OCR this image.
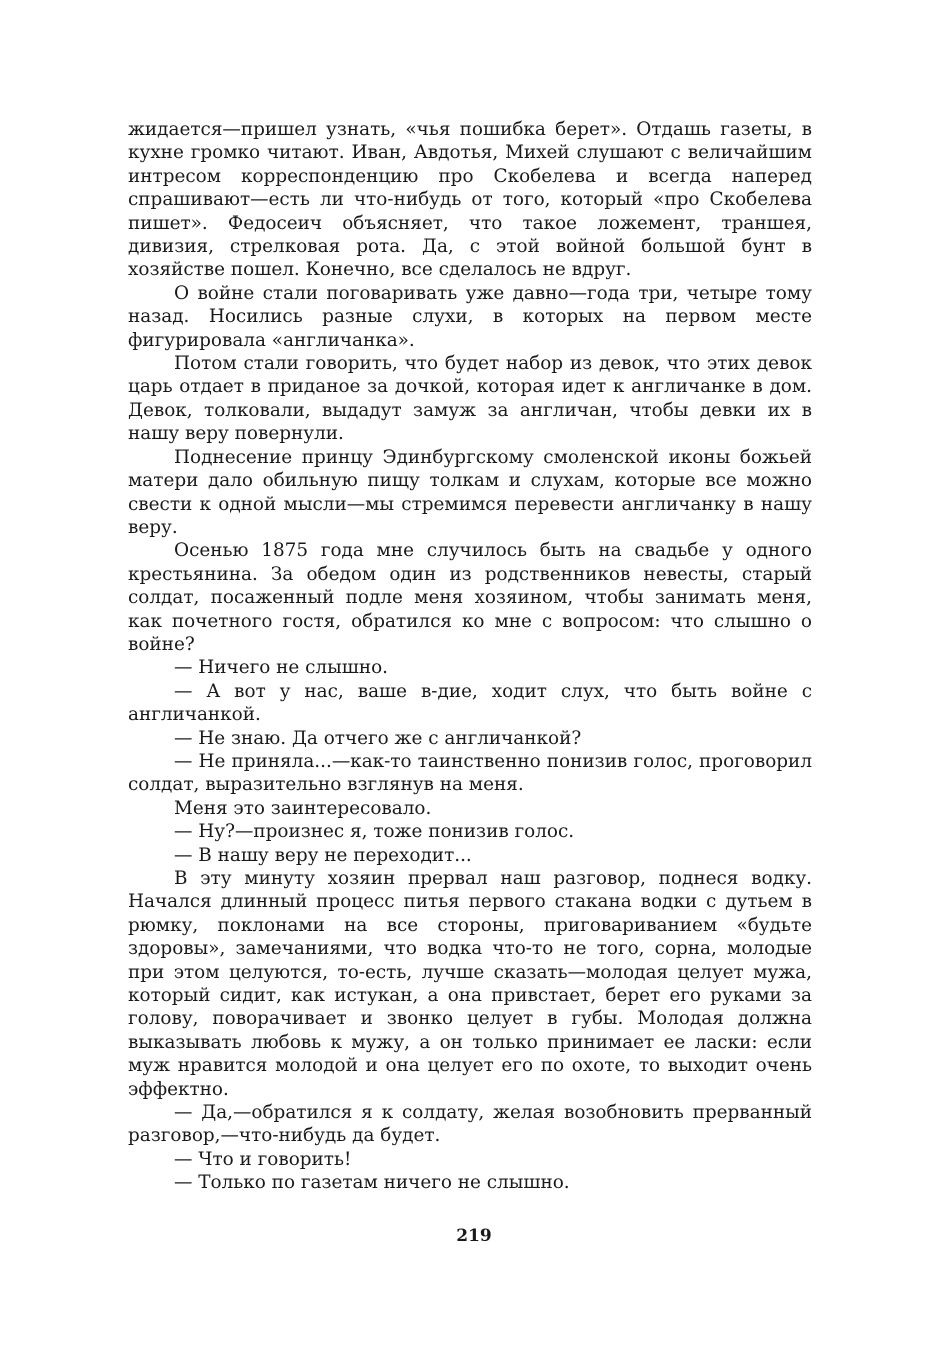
жидается—пришел узнать, «чья пошибка берет». Отдашь газеты, в кухне громко читают. Иван, Авдотья, Михей слушают с величайшим интресом корреспонденцию про Скобелева и всегда наперед спрашивают—есть ли что-нибудь от того, который «про Скобелева пишет». Федосеич объясняет, что такое ложемент, траншея, дивизия, стрелковая рота. Да, с этой войной большой бунт в хозяйстве пошел. Конечно, все сделалось не вдруг.

О войне стали поговаривать уже давно—года три, четыре тому назад. Носились разные слухи, в которых на первом месте фигурировала «англичанка».

Потом стали говорить, что будет набор из девок, что этих девок царь отдает в приданое за дочкой, которая идет к англичанке в дом. Девок, толковали, выдадут замуж за англичан, чтобы девки их в нашу веру повернули.

Поднесение принцу Эдинбургскому смоленской иконы божьей матери дало обильную пищу толкам и слухам, которые все можно свести к одной мысли—мы стремимся перевести англичанку в нашу веру.

Осенью 1875 года мне случилось быть на свадьбе у одного крестьянина. За обедом один из родственников невесты, старый солдат, посаженный подле меня хозяином, чтобы занимать меня, как почетного гостя, обратился ко мне с вопросом: что слышно о войне?

— Ничего не слышно.

— А вот у нас, ваше в-дие, ходит слух, что быть войне с англичанкой.

— Не знаю. Да отчего же с англичанкой?

— Не приняла...—как-то таинственно понизив голос, проговорил солдат, выразительно взглянув на меня.

Меня это заинтересовало.

— Ну?—произнес я, тоже понизив голос.

— В нашу веру не переходит...

В эту минуту хозяин прервал наш разговор, поднеся водку. Начался длинный процесс питья первого стакана водки с дутьем в рюмку, поклонами на все стороны, приговариванием «будьте здоровы», замечаниями, что водка что-то не того, сорна, молодые при этом целуются, то-есть, лучше сказать—молодая целует мужа, который сидит, как истукан, а она привстает, берет его руками за голову, поворачивает и звонко целует в губы. Молодая должна выказывать любовь к мужу, а он только принимает ее ласки: если муж нравится молодой и она целует его по охоте, то выходит очень эффектно.

— Да,—обратился я к солдату, желая возобновить прерванный разговор,—что-нибудь да будет.

— Что и говорить!

— Только по газетам ничего не слышно.

219
